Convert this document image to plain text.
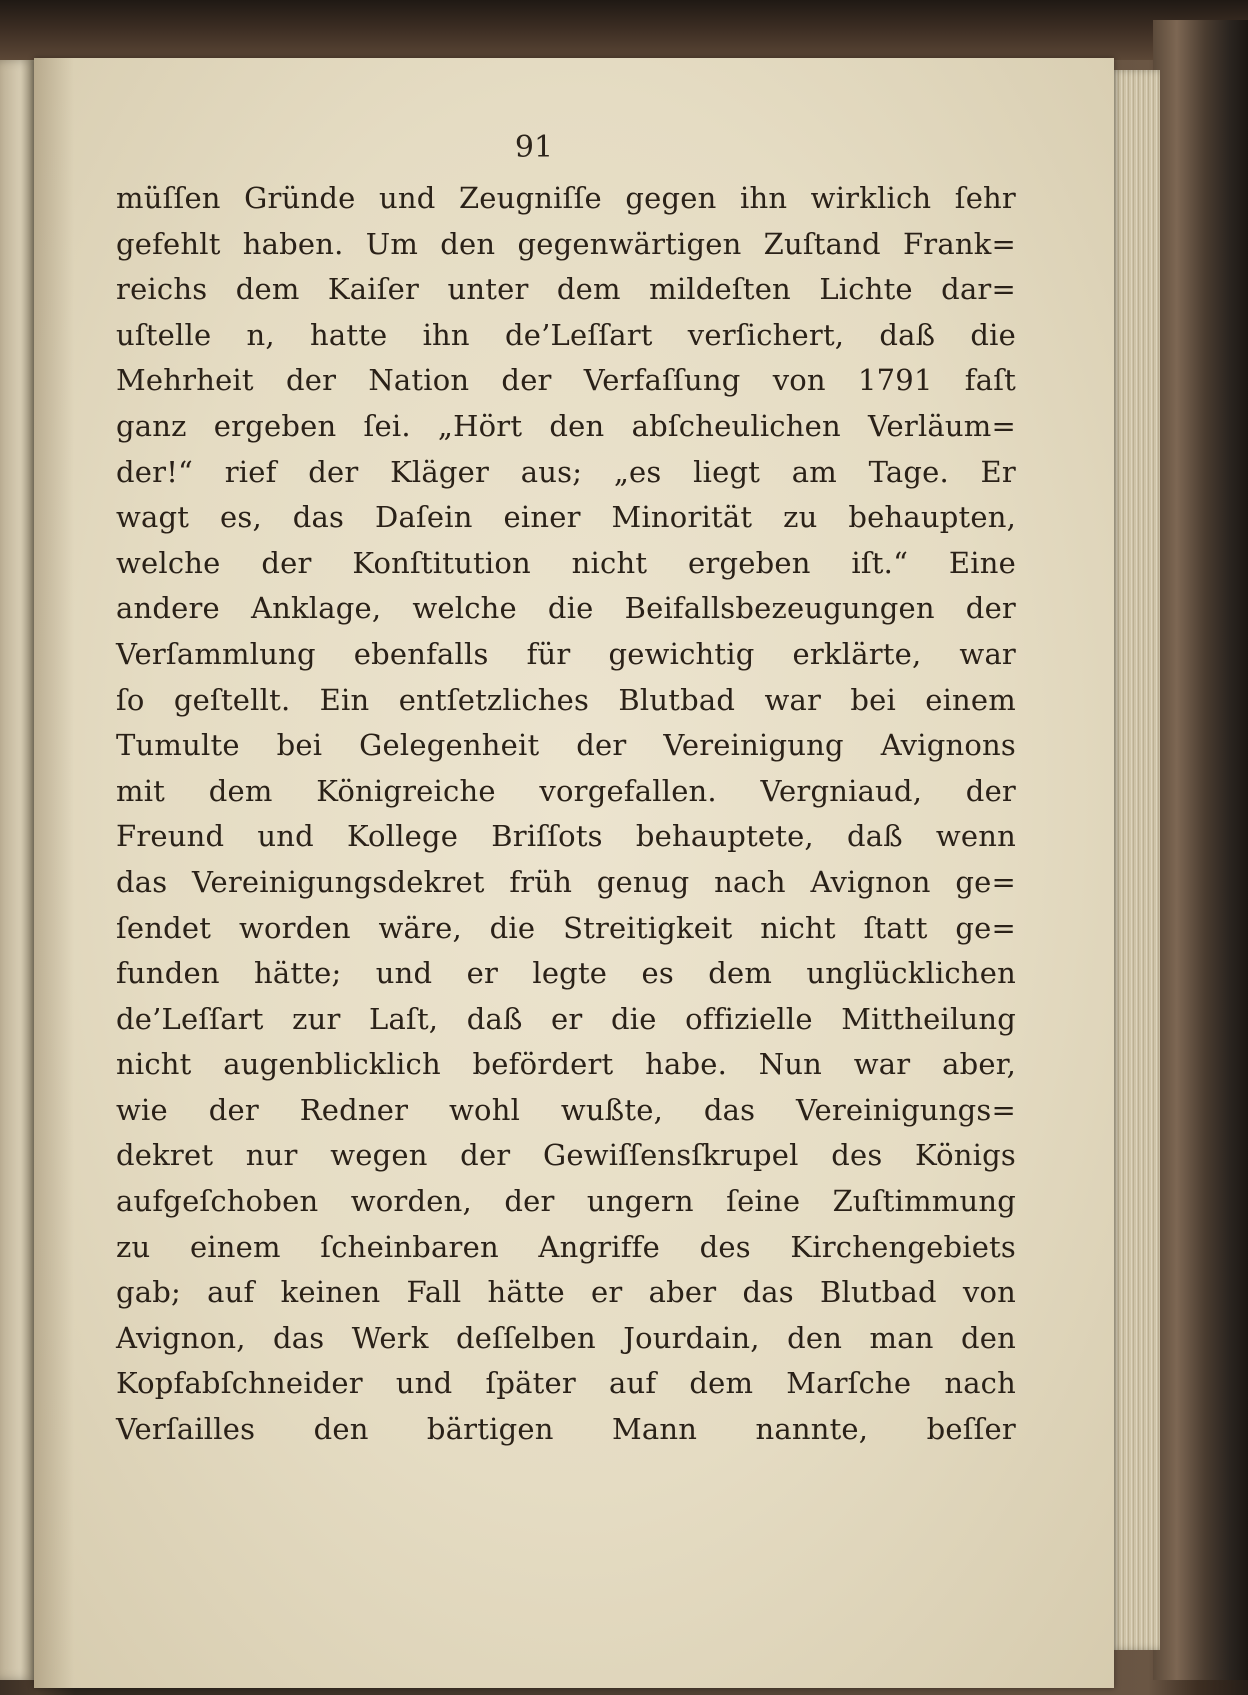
91
müſſen Gründe und Zeugniſſe gegen ihn wirklich ſehr
gefehlt haben. Um den gegenwärtigen Zuſtand Frank=
reichs dem Kaiſer unter dem mildeſten Lichte dar=
uſtelle n, hatte ihn de’Leſſart verſichert, daß die
Mehrheit der Nation der Verfaſſung von 1791 faſt
ganz ergeben ſei. „Hört den abſcheulichen Verläum=
der!“ rief der Kläger aus; „es liegt am Tage. Er
wagt es, das Daſein einer Minorität zu behaupten,
welche der Konſtitution nicht ergeben iſt.“ Eine
andere Anklage, welche die Beifallsbezeugungen der
Verſammlung ebenfalls für gewichtig erklärte, war
ſo geſtellt. Ein entſetzliches Blutbad war bei einem
Tumulte bei Gelegenheit der Vereinigung Avignons
mit dem Königreiche vorgefallen. Vergniaud, der
Freund und Kollege Briſſots behauptete, daß wenn
das Vereinigungsdekret früh genug nach Avignon ge=
ſendet worden wäre, die Streitigkeit nicht ſtatt ge=
funden hätte; und er legte es dem unglücklichen
de’Leſſart zur Laſt, daß er die offizielle Mittheilung
nicht augenblicklich befördert habe. Nun war aber,
wie der Redner wohl wußte, das Vereinigungs=
dekret nur wegen der Gewiſſensſkrupel des Königs
aufgeſchoben worden, der ungern ſeine Zuſtimmung
zu einem ſcheinbaren Angriffe des Kirchengebiets
gab; auf keinen Fall hätte er aber das Blutbad von
Avignon, das Werk deſſelben Jourdain, den man den
Kopfabſchneider und ſpäter auf dem Marſche nach
Verſailles den bärtigen Mann nannte, beſſer
